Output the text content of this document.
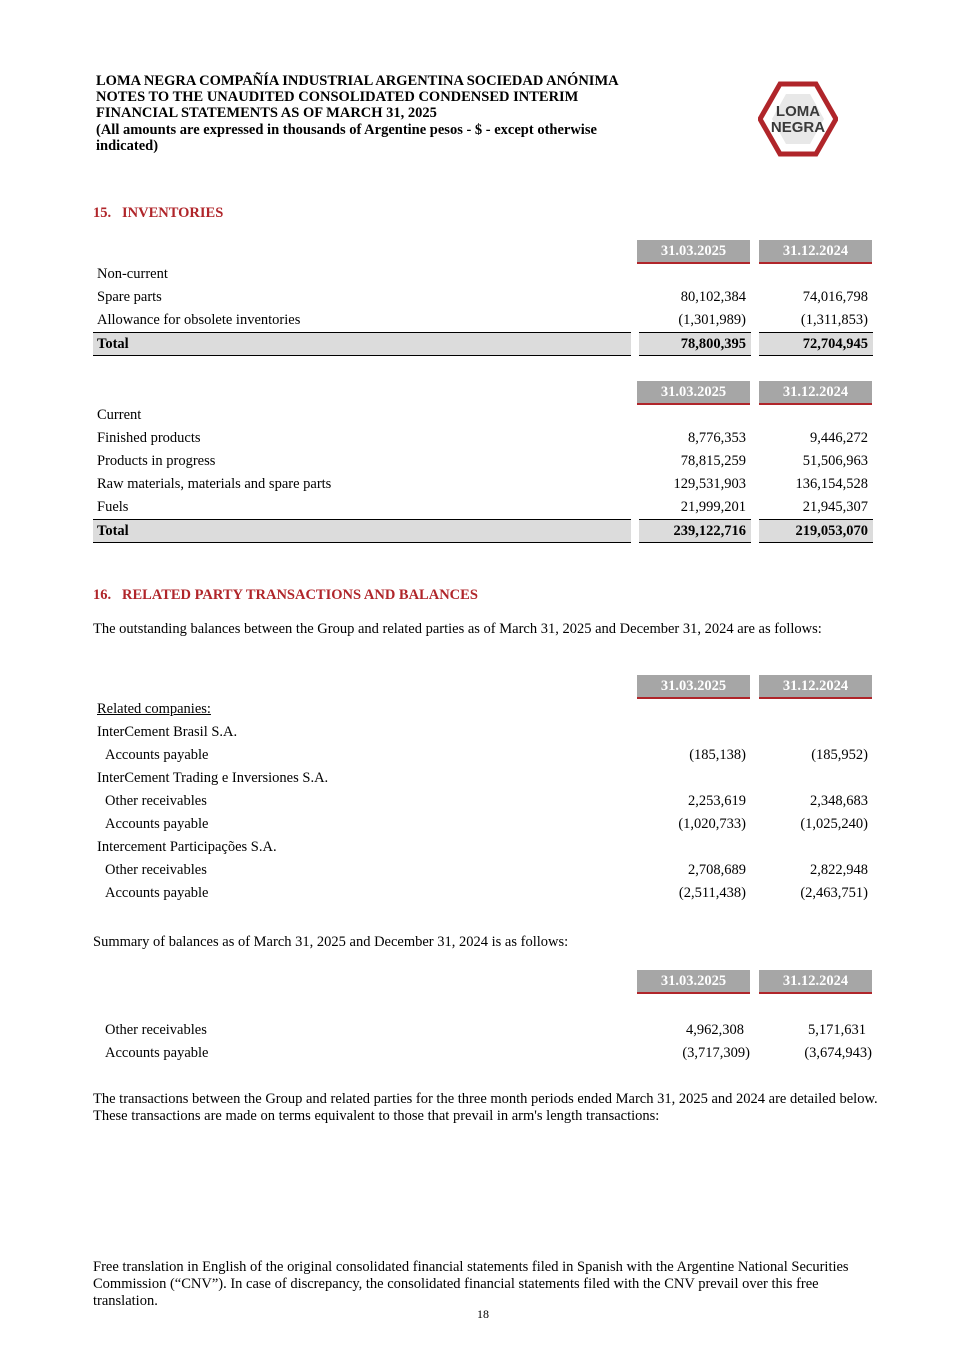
LOMA NEGRA COMPAÑÍA INDUSTRIAL ARGENTINA SOCIEDAD ANÓNIMA
NOTES TO THE UNAUDITED CONSOLIDATED CONDENSED INTERIM
FINANCIAL STATEMENTS AS OF MARCH 31, 2025
(All amounts are expressed in thousands of Argentine pesos - $ - except otherwise
indicated)
LOMA
NEGRA
15.   INVENTORIES
31.03.2025	31.12.2024
Non-current
Spare parts	80,102,384	74,016,798
Allowance for obsolete inventories	(1,301,989)	(1,311,853)
Total	78,800,395	72,704,945
31.03.2025	31.12.2024
Current
Finished products	8,776,353	9,446,272
Products in progress	78,815,259	51,506,963
Raw materials, materials and spare parts	129,531,903	136,154,528
Fuels	21,999,201	21,945,307
Total	239,122,716	219,053,070
16.   RELATED PARTY TRANSACTIONS AND BALANCES
The outstanding balances between the Group and related parties as of March 31, 2025 and December 31, 2024 are as follows:
31.03.2025	31.12.2024
Related companies:
InterCement Brasil S.A.
Accounts payable	(185,138)	(185,952)
InterCement Trading e Inversiones S.A.
Other receivables	2,253,619	2,348,683
Accounts payable	(1,020,733)	(1,025,240)
Intercement Participações S.A.
Other receivables	2,708,689	2,822,948
Accounts payable	(2,511,438)	(2,463,751)
Summary of balances as of March 31, 2025 and December 31, 2024 is as follows:
31.03.2025	31.12.2024
Other receivables	4,962,308	5,171,631
Accounts payable	(3,717,309)	(3,674,943)
The transactions between the Group and related parties for the three month periods ended March 31, 2025 and 2024 are detailed below. These transactions are made on terms equivalent to those that prevail in arm's length transactions:
Free translation in English of the original consolidated financial statements filed in Spanish with the Argentine National Securities Commission (“CNV”). In case of discrepancy, the consolidated financial statements filed with the CNV prevail over this free translation.
18
